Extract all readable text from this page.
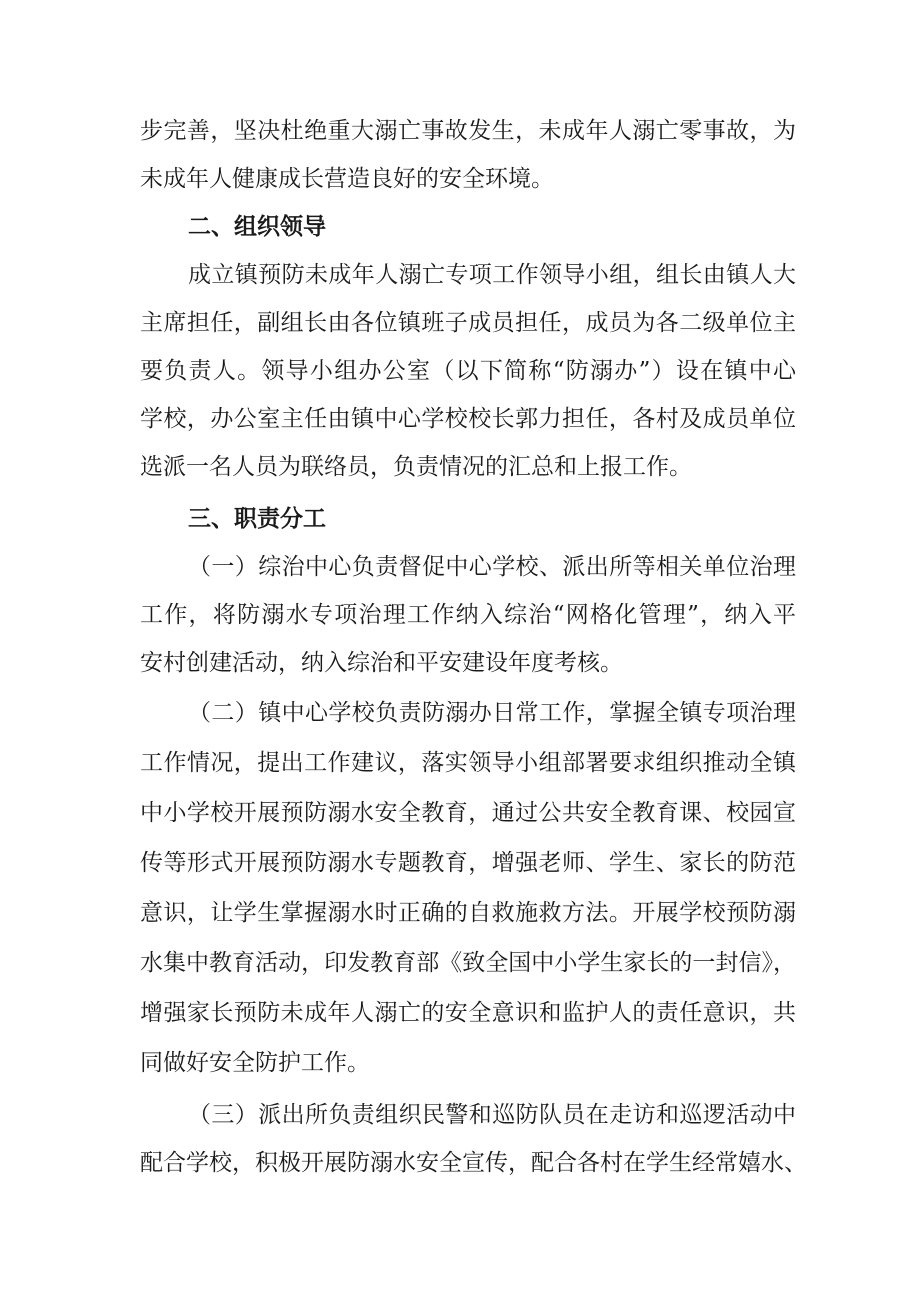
步完善，坚决杜绝重大溺亡事故发生，未成年人溺亡零事故，为
未成年人健康成长营造良好的安全环境。
二、组织领导
成立镇预防未成年人溺亡专项工作领导小组，组长由镇人大
主席担任，副组长由各位镇班子成员担任，成员为各二级单位主
要负责人。领导小组办公室（以下简称“防溺办”）设在镇中心
学校，办公室主任由镇中心学校校长郭力担任，各村及成员单位
选派一名人员为联络员，负责情况的汇总和上报工作。
三、职责分工
（一）综治中心负责督促中心学校、派出所等相关单位治理
工作，将防溺水专项治理工作纳入综治“网格化管理”，纳入平
安村创建活动，纳入综治和平安建设年度考核。
（二）镇中心学校负责防溺办日常工作，掌握全镇专项治理
工作情况，提出工作建议，落实领导小组部署要求组织推动全镇
中小学校开展预防溺水安全教育，通过公共安全教育课、校园宣
传等形式开展预防溺水专题教育，增强老师、学生、家长的防范
意识，让学生掌握溺水时正确的自救施救方法。开展学校预防溺
水集中教育活动，印发教育部《致全国中小学生家长的一封信》，
增强家长预防未成年人溺亡的安全意识和监护人的责任意识，共
同做好安全防护工作。
（三）派出所负责组织民警和巡防队员在走访和巡逻活动中
配合学校，积极开展防溺水安全宣传，配合各村在学生经常嬉水、
